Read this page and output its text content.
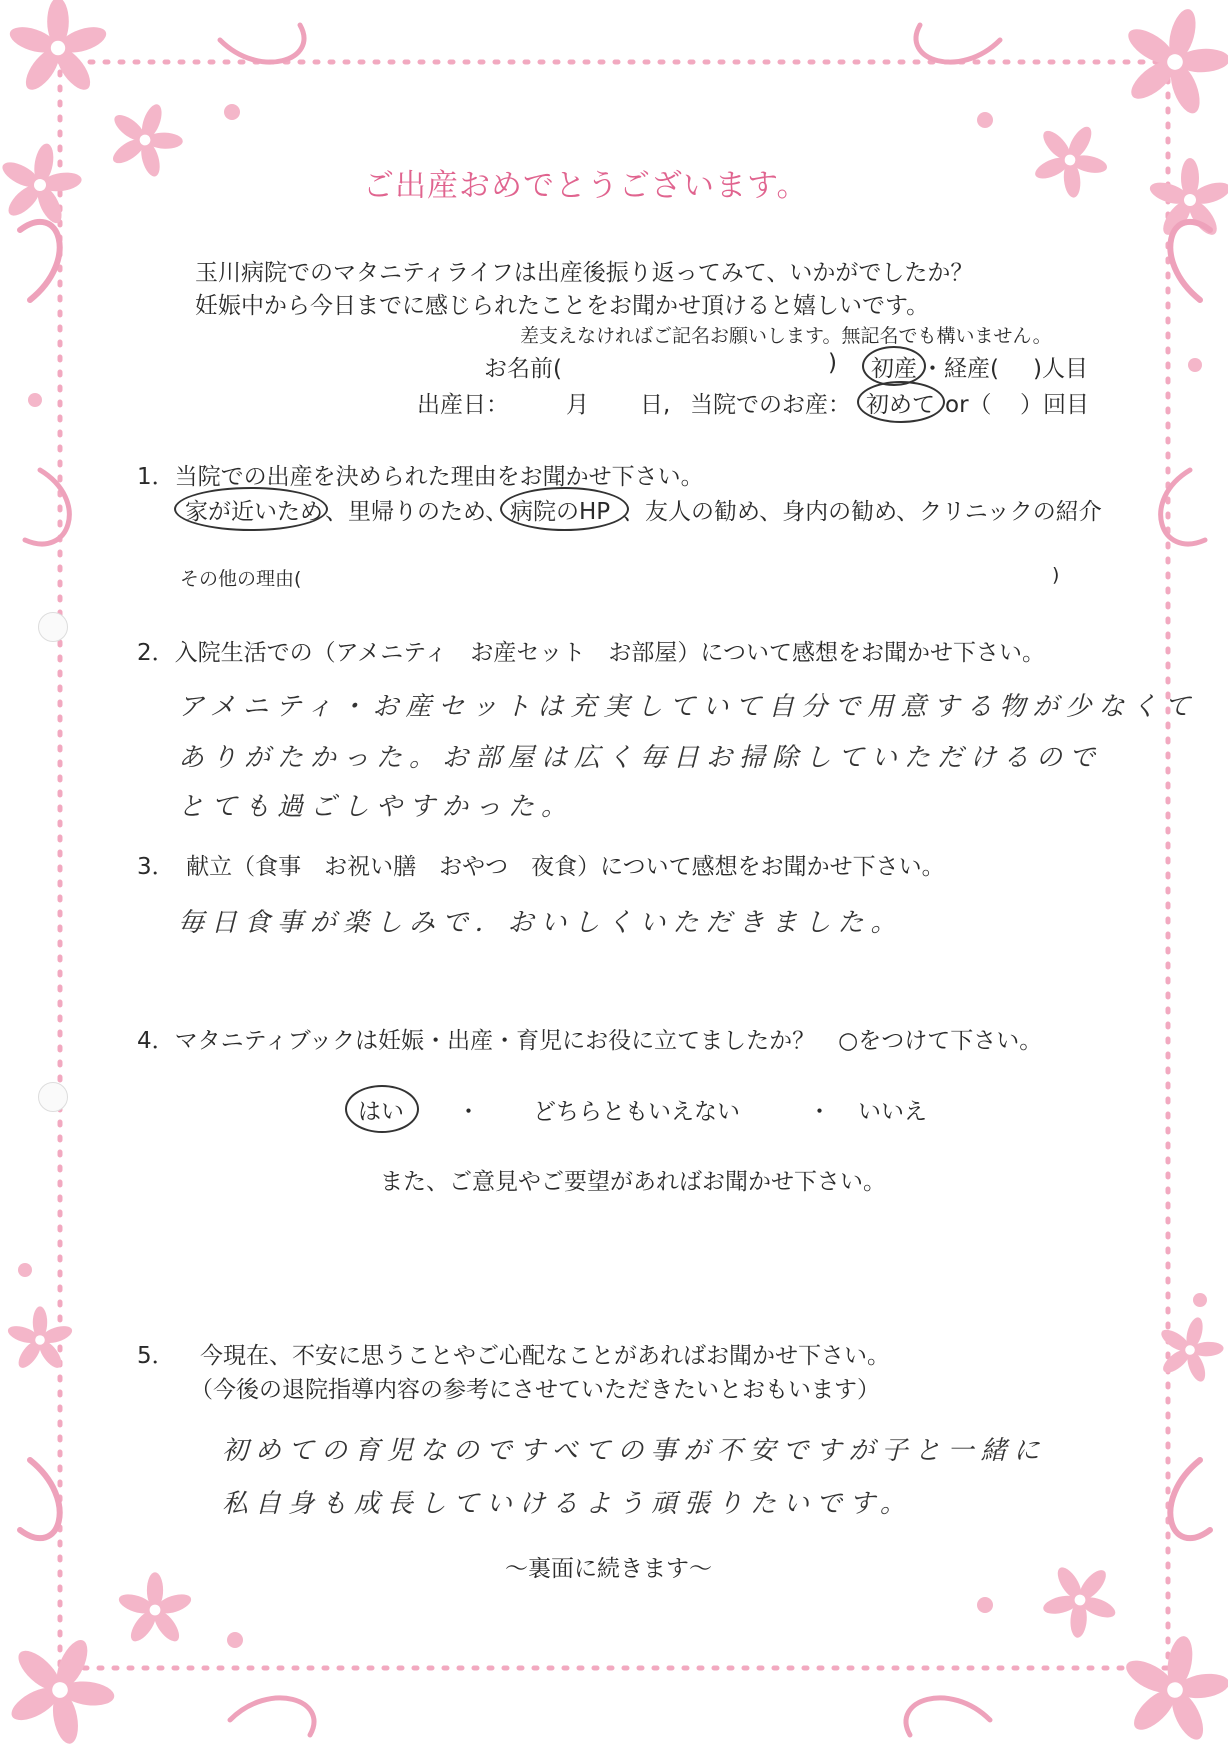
ご出産おめでとうございます。
玉川病院でのマタニティライフは出産後振り返ってみて、いかがでしたか？
妊娠中から今日までに感じられたことをお聞かせ頂けると嬉しいです。
差支えなければご記名お願いします。無記名でも構いません。
お名前(	) 初産 ・経産( )人目
出産日： 月 日, 当院でのお産： 初めて or（ ）回目
1．当院での出産を決められた理由をお聞かせ下さい。
家が近いため 、里帰りのため、 病院のHP 、友人の勧め、身内の勧め、クリニックの紹介
その他の理由(	)
2．入院生活での（アメニティ　お産セット　お部屋）について感想をお聞かせ下さい。
アメニティ・お産セットは充実していて自分で用意する物が少なくて
ありがたかった。お部屋は広く毎日お掃除していただけるので
とても過ごしやすかった。
3．　献立（食事　お祝い膳　おやつ　夜食）について感想をお聞かせ下さい。
毎日食事が楽しみで．おいしくいただきました。
4．マタニティブックは妊娠・出産・育児にお役に立てましたか？　○をつけて下さい。
はい ・ どちらともいえない	・ いいえ
また、ご意見やご要望があればお聞かせ下さい。
5． 今現在、不安に思うことやご心配なことがあればお聞かせ下さい。
（今後の退院指導内容の参考にさせていただきたいとおもいます）
初めての育児なのですべての事が不安ですが子と一緒に
私自身も成長していけるよう頑張りたいです。
～裏面に続きます～
